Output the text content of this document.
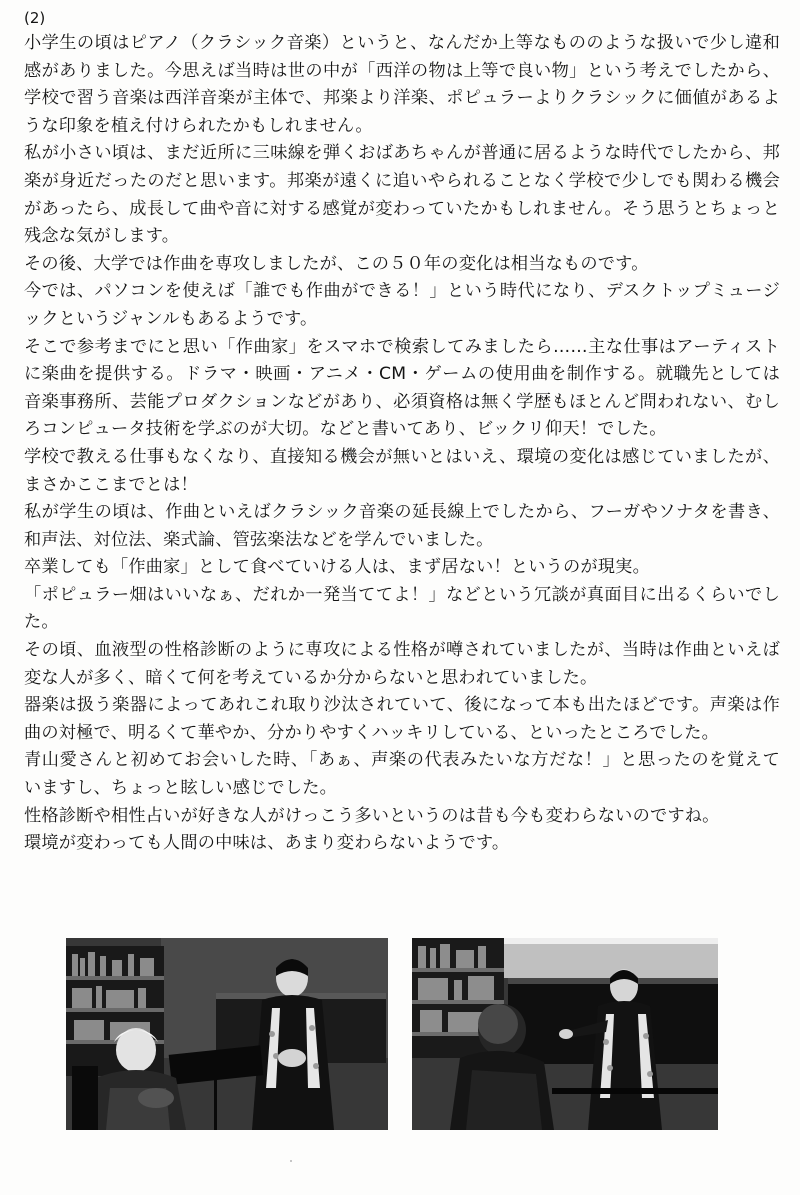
(2)

小学生の頃はピアノ（クラシック音楽）というと、なんだか上等なもののような扱いで少し違和感がありました。今思えば当時は世の中が「西洋の物は上等で良い物」という考えでしたから、学校で習う音楽は西洋音楽が主体で、邦楽より洋楽、ポピュラーよりクラシックに価値があるような印象を植え付けられたかもしれません。

私が小さい頃は、まだ近所に三味線を弾くおばあちゃんが普通に居るような時代でしたから、邦楽が身近だったのだと思います。邦楽が遠くに追いやられることなく学校で少しでも関わる機会があったら、成長して曲や音に対する感覚が変わっていたかもしれません。そう思うとちょっと残念な気がします。

その後、大学では作曲を専攻しましたが、この５０年の変化は相当なものです。

今では、パソコンを使えば「誰でも作曲ができる！」という時代になり、デスクトップミュージックというジャンルもあるようです。

そこで参考までにと思い「作曲家」をスマホで検索してみましたら……主な仕事はアーティストに楽曲を提供する。ドラマ・映画・アニメ・CM・ゲームの使用曲を制作する。就職先としては音楽事務所、芸能プロダクションなどがあり、必須資格は無く学歴もほとんど問われない、むしろコンピュータ技術を学ぶのが大切。などと書いてあり、ビックリ仰天！でした。

学校で教える仕事もなくなり、直接知る機会が無いとはいえ、環境の変化は感じていましたが、まさかここまでとは！

私が学生の頃は、作曲といえばクラシック音楽の延長線上でしたから、フーガやソナタを書き、和声法、対位法、楽式論、管弦楽法などを学んでいました。

卒業しても「作曲家」として食べていける人は、まず居ない！というのが現実。

「ポピュラー畑はいいなぁ、だれか一発当ててよ！」などという冗談が真面目に出るくらいでした。

その頃、血液型の性格診断のように専攻による性格が噂されていましたが、当時は作曲といえば変な人が多く、暗くて何を考えているか分からないと思われていました。

器楽は扱う楽器によってあれこれ取り沙汰されていて、後になって本も出たほどです。声楽は作曲の対極で、明るくて華やか、分かりやすくハッキリしている、といったところでした。

青山愛さんと初めてお会いした時、「あぁ、声楽の代表みたいな方だな！」と思ったのを覚えていますし、ちょっと眩しい感じでした。

性格診断や相性占いが好きな人がけっこう多いというのは昔も今も変わらないのですね。

環境が変わっても人間の中味は、あまり変わらないようです。
